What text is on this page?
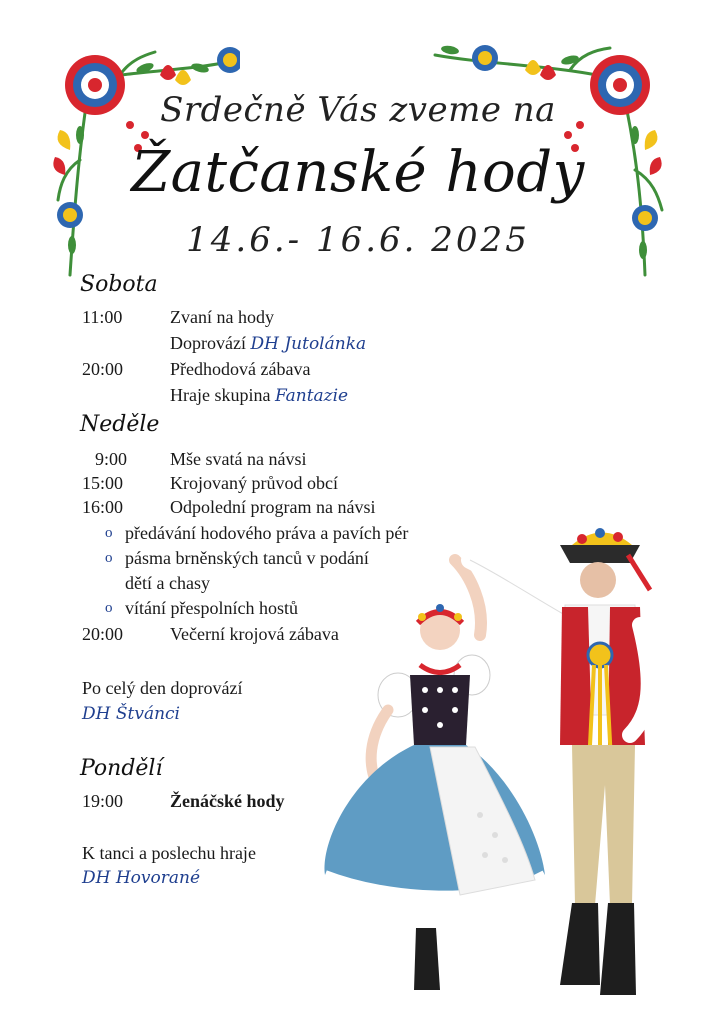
Srdečně Vás zveme na
Žatčanské hody
14.6.- 16.6. 2025
Sobota
11:00	Zvaní na hody
Doprovází DH Jutolánka
20:00	Předhodová zábava
Hraje skupina Fantazie
Neděle
9:00	Mše svatá na návsi
15:00	Krojovaný průvod obcí
16:00	Odpolední program na návsi
o předávání hodového práva a pavích pér
o pásma brněnských tanců v podání
dětí a chasy
o vítání přespolních hostů
20:00	Večerní krojová zábava
Po celý den doprovází
DH Štvánci
Pondělí
19:00	Ženáčské hody
K tanci a poslechu hraje
DH Hovorané
